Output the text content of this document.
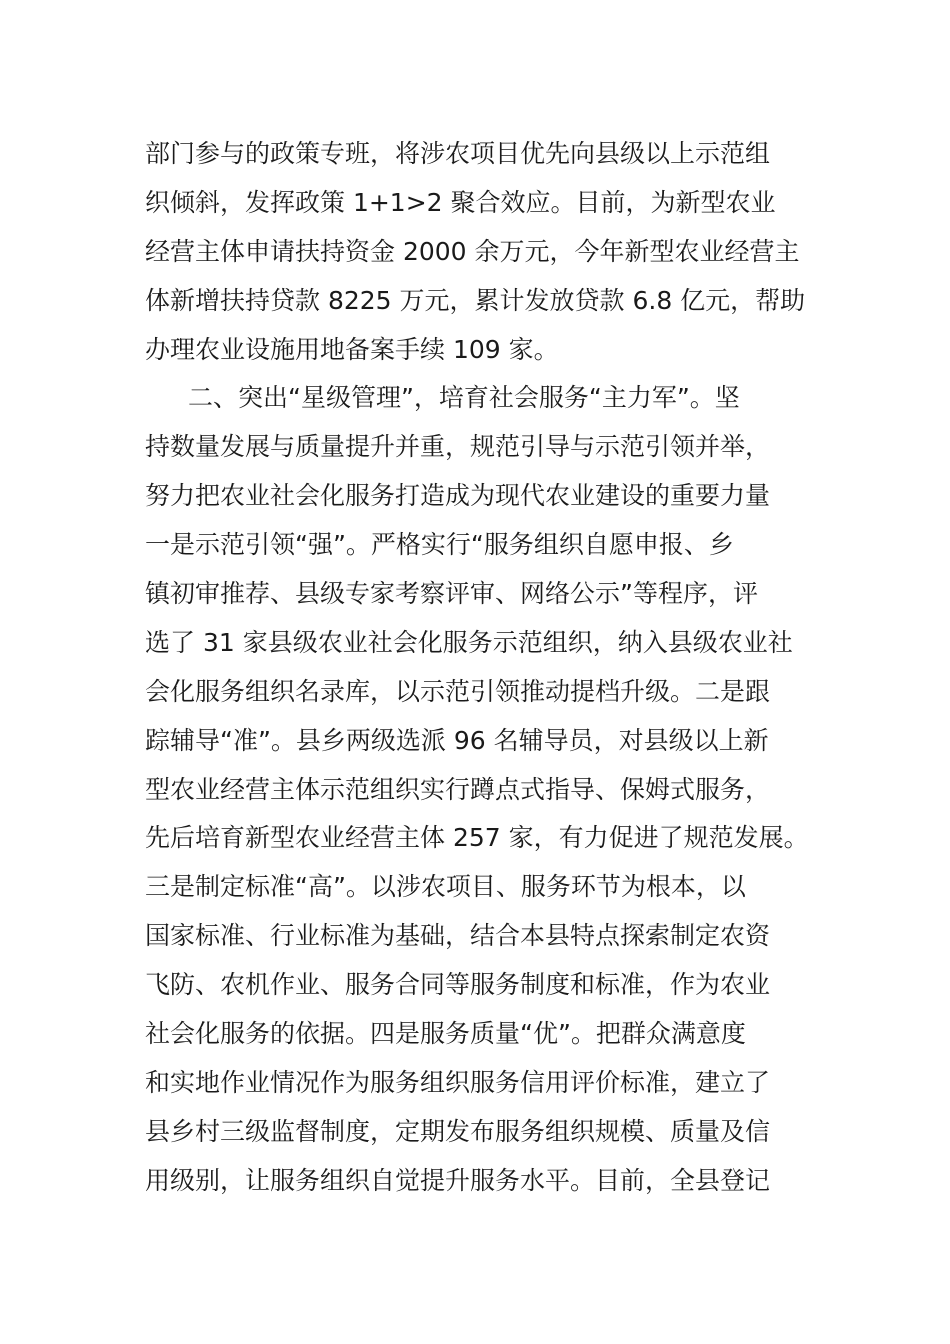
部门参与的政策专班，将涉农项目优先向县级以上示范组
织倾斜，发挥政策 1+1>2 聚合效应。目前，为新型农业
经营主体申请扶持资金 2000 余万元，今年新型农业经营主
体新增扶持贷款 8225 万元，累计发放贷款 6.8 亿元，帮助
办理农业设施用地备案手续 109 家。
二、突出“星级管理”，培育社会服务“主力军”。坚
持数量发展与质量提升并重，规范引导与示范引领并举，
努力把农业社会化服务打造成为现代农业建设的重要力量
一是示范引领“强”。严格实行“服务组织自愿申报、乡
镇初审推荐、县级专家考察评审、网络公示”等程序，评
选了 31 家县级农业社会化服务示范组织，纳入县级农业社
会化服务组织名录库，以示范引领推动提档升级。二是跟
踪辅导“准”。县乡两级选派 96 名辅导员，对县级以上新
型农业经营主体示范组织实行蹲点式指导、保姆式服务，
先后培育新型农业经营主体 257 家，有力促进了规范发展。
三是制定标准“高”。以涉农项目、服务环节为根本，以
国家标准、行业标准为基础，结合本县特点探索制定农资
飞防、农机作业、服务合同等服务制度和标准，作为农业
社会化服务的依据。四是服务质量“优”。把群众满意度
和实地作业情况作为服务组织服务信用评价标准，建立了
县乡村三级监督制度，定期发布服务组织规模、质量及信
用级别，让服务组织自觉提升服务水平。目前，全县登记
